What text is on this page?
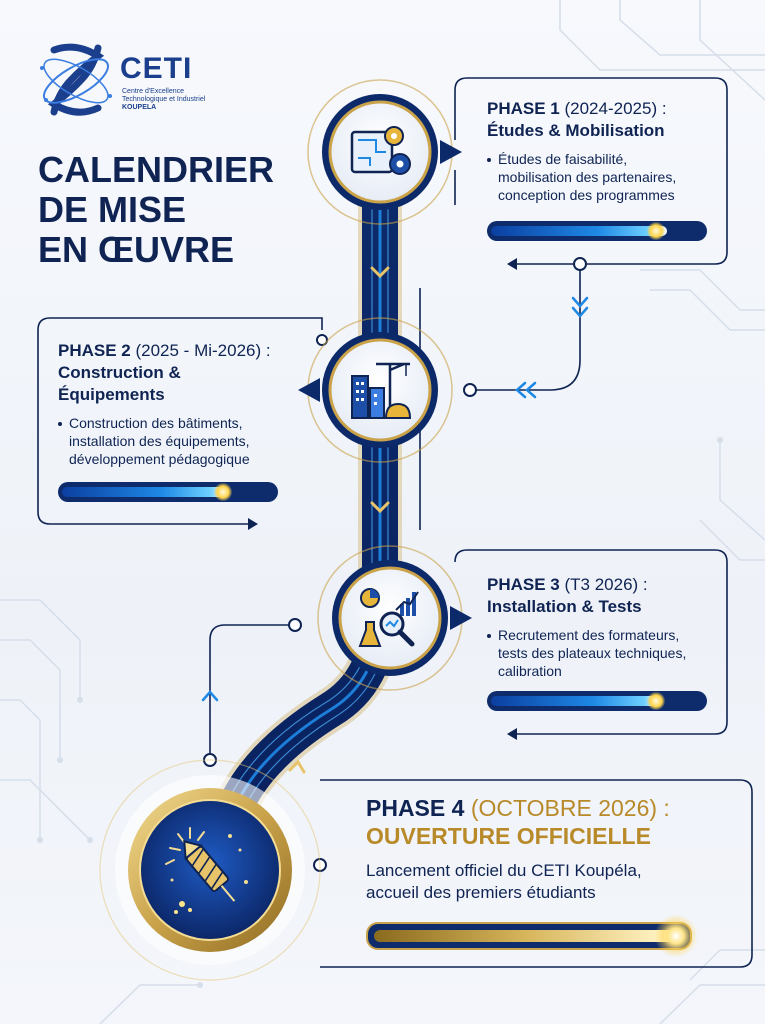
CETI
Centre d'Excellence
Technologique et Industriel
KOUPELA
CALENDRIER
DE MISE
EN ŒUVRE
PHASE 1 (2024-2025) :
Études & Mobilisation
Études de faisabilité,
mobilisation des partenaires,
conception des programmes
PHASE 2 (2025 - Mi-2026) :
Construction &
Équipements
Construction des bâtiments,
installation des équipements,
développement pédagogique
PHASE 3 (T3 2026) :
Installation & Tests
Recrutement des formateurs,
tests des plateaux techniques,
calibration
PHASE 4 (OCTOBRE 2026) :
OUVERTURE OFFICIELLE
Lancement officiel du CETI Koupéla,
accueil des premiers étudiants
